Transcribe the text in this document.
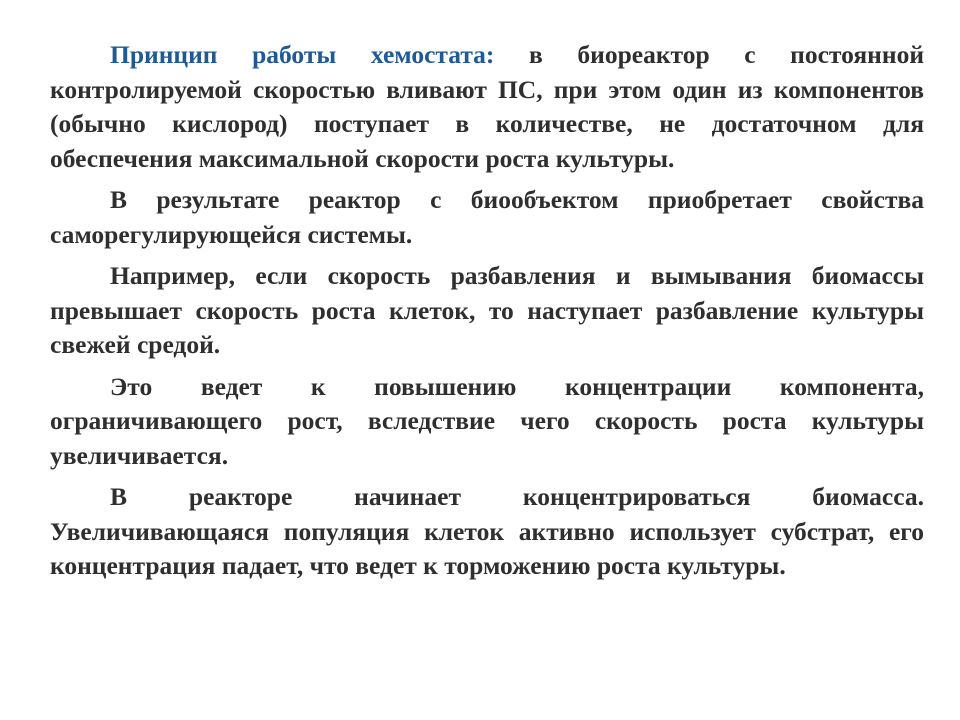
Принцип работы хемостата: в биореактор с постоянной контролируемой скоростью вливают ПС, при этом один из компонентов (обычно кислород) поступает в количестве, не достаточном для обеспечения максимальной скорости роста культуры.

В результате реактор с биообъектом приобретает свойства саморегулирующейся системы.

Например, если скорость разбавления и вымывания биомассы превышает скорость роста клеток, то наступает разбавление культуры свежей средой.

Это ведет к повышению концентрации компонента, ограничивающего рост, вследствие чего скорость роста культуры увеличивается.

В реакторе начинает концентрироваться биомасса. Увеличивающаяся популяция клеток активно использует субстрат, его концентрация падает, что ведет к торможению роста культуры.
